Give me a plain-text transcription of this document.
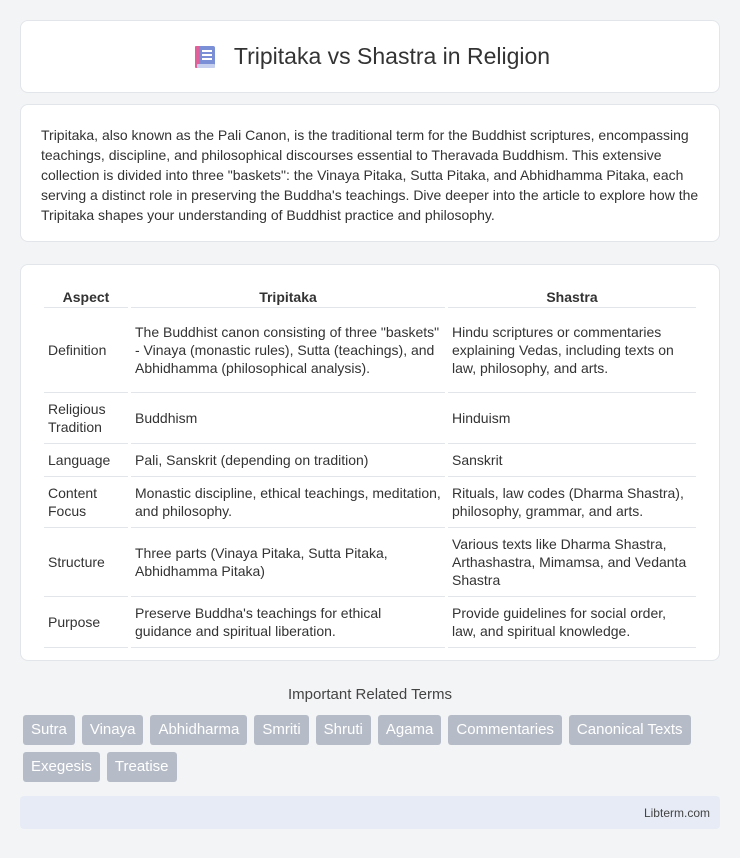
Tripitaka vs Shastra in Religion

Tripitaka, also known as the Pali Canon, is the traditional term for the Buddhist scriptures, encompassing teachings, discipline, and philosophical discourses essential to Theravada Buddhism. This extensive collection is divided into three "baskets": the Vinaya Pitaka, Sutta Pitaka, and Abhidhamma Pitaka, each serving a distinct role in preserving the Buddha's teachings. Dive deeper into the article to explore how the Tripitaka shapes your understanding of Buddhist practice and philosophy.

Aspect	Tripitaka	Shastra
Definition	The Buddhist canon consisting of three "baskets" - Vinaya (monastic rules), Sutta (teachings), and Abhidhamma (philosophical analysis).	Hindu scriptures or commentaries explaining Vedas, including texts on law, philosophy, and arts.
Religious Tradition	Buddhism	Hinduism
Language	Pali, Sanskrit (depending on tradition)	Sanskrit
Content Focus	Monastic discipline, ethical teachings, meditation, and philosophy.	Rituals, law codes (Dharma Shastra), philosophy, grammar, and arts.
Structure	Three parts (Vinaya Pitaka, Sutta Pitaka, Abhidhamma Pitaka)	Various texts like Dharma Shastra, Arthashastra, Mimamsa, and Vedanta Shastra
Purpose	Preserve Buddha's teachings for ethical guidance and spiritual liberation.	Provide guidelines for social order, law, and spiritual knowledge.
Important Related Terms
Sutra	Vinaya	Abhidharma	Smriti	Shruti	Agama	Commentaries	Canonical Texts
Exegesis	Treatise
Libterm.com
